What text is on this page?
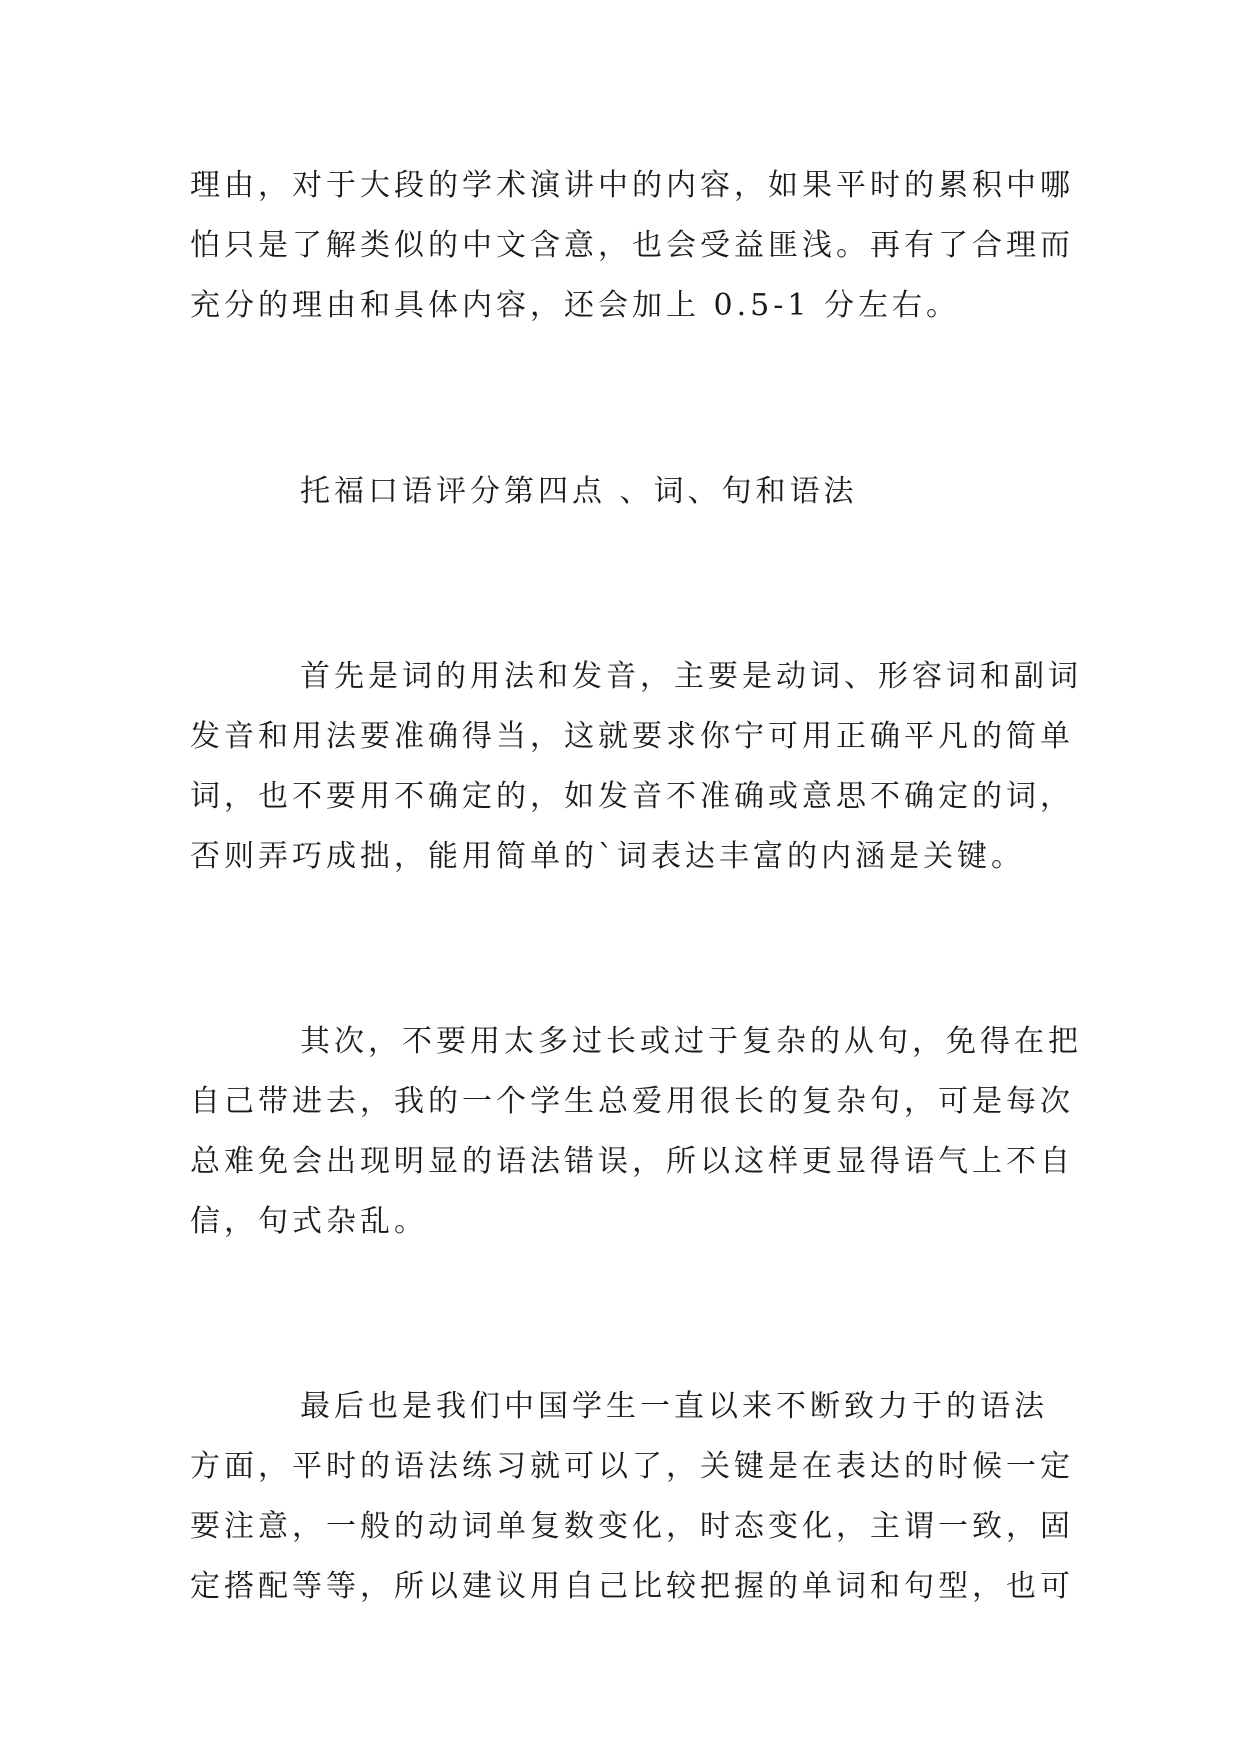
理由，对于大段的学术演讲中的内容，如果平时的累积中哪
怕只是了解类似的中文含意，也会受益匪浅。再有了合理而
充分的理由和具体内容，还会加上 0.5-1 分左右。
托福口语评分第四点 、词、句和语法
首先是词的用法和发音，主要是动词、形容词和副词
发音和用法要准确得当，这就要求你宁可用正确平凡的简单
词，也不要用不确定的，如发音不准确或意思不确定的词，
否则弄巧成拙，能用简单的`词表达丰富的内涵是关键。
其次，不要用太多过长或过于复杂的从句，免得在把
自己带进去，我的一个学生总爱用很长的复杂句，可是每次
总难免会出现明显的语法错误，所以这样更显得语气上不自
信，句式杂乱。
最后也是我们中国学生一直以来不断致力于的语法
方面，平时的语法练习就可以了，关键是在表达的时候一定
要注意，一般的动词单复数变化，时态变化，主谓一致，固
定搭配等等，所以建议用自己比较把握的单词和句型，也可
